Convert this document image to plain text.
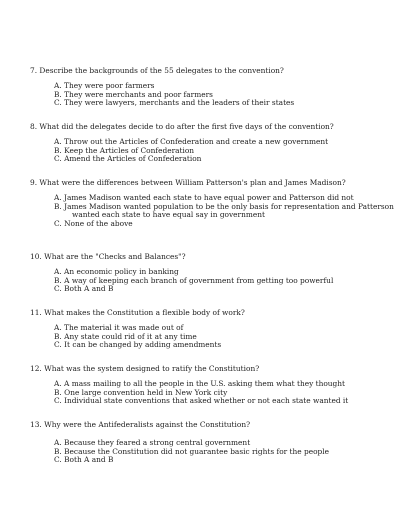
7. Describe the backgrounds of the 55 delegates to the convention?
A. They were poor farmers
B. They were merchants and poor farmers
C. They were lawyers, merchants and the leaders of their states
8. What did the delegates decide to do after the first five days of the convention?
A. Throw out the Articles of Confederation and create a new government
B. Keep the Articles of Confederation
C. Amend the Articles of Confederation
9. What were the differences between William Patterson's plan and James Madison?
A. James Madison wanted each state to have equal power and Patterson did not
B. James Madison wanted population to be the only basis for representation and Patterson
wanted each state to have equal say in government
C. None of the above
10. What are the "Checks and Balances"?
A. An economic policy in banking
B. A way of keeping each branch of government from getting too powerful
C. Both A and B
11. What makes the Constitution a flexible body of work?
A. The material it was made out of
B. Any state could rid of it at any time
C. It can be changed by adding amendments
12. What was the system designed to ratify the Constitution?
A. A mass mailing to all the people in the U.S. asking them what they thought
B. One large convention held in New York city
C. Individual state conventions that asked whether or not each state wanted it
13. Why were the Antifederalists against the Constitution?
A. Because they feared a strong central government
B. Because the Constitution did not guarantee basic rights for the people
C. Both A and B
